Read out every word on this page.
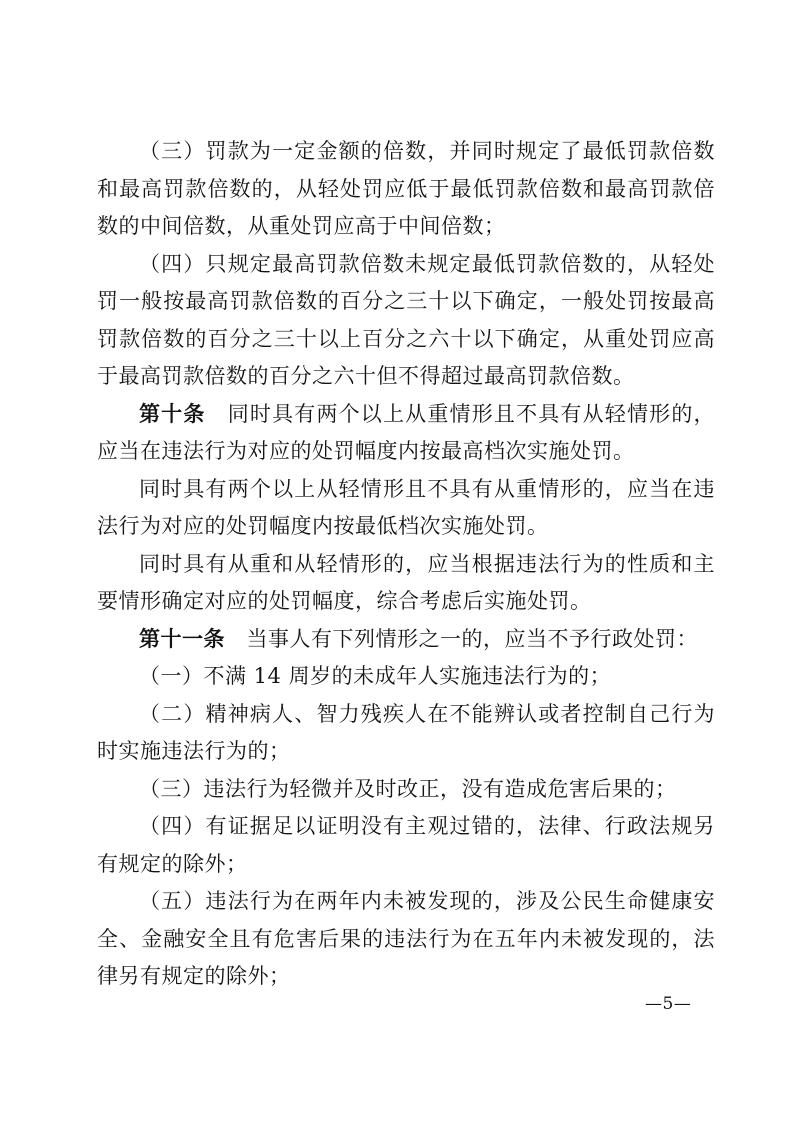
（三）罚款为一定金额的倍数，并同时规定了最低罚款倍数和最高罚款倍数的，从轻处罚应低于最低罚款倍数和最高罚款倍数的中间倍数，从重处罚应高于中间倍数；

（四）只规定最高罚款倍数未规定最低罚款倍数的，从轻处罚一般按最高罚款倍数的百分之三十以下确定，一般处罚按最高罚款倍数的百分之三十以上百分之六十以下确定，从重处罚应高于最高罚款倍数的百分之六十但不得超过最高罚款倍数。

第十条　同时具有两个以上从重情形且不具有从轻情形的，应当在违法行为对应的处罚幅度内按最高档次实施处罚。

同时具有两个以上从轻情形且不具有从重情形的，应当在违法行为对应的处罚幅度内按最低档次实施处罚。

同时具有从重和从轻情形的，应当根据违法行为的性质和主要情形确定对应的处罚幅度，综合考虑后实施处罚。

第十一条　当事人有下列情形之一的，应当不予行政处罚：

（一）不满 14 周岁的未成年人实施违法行为的；

（二）精神病人、智力残疾人在不能辨认或者控制自己行为时实施违法行为的；

（三）违法行为轻微并及时改正，没有造成危害后果的；

（四）有证据足以证明没有主观过错的，法律、行政法规另有规定的除外；

（五）违法行为在两年内未被发现的，涉及公民生命健康安全、金融安全且有危害后果的违法行为在五年内未被发现的，法律另有规定的除外；

—5—
